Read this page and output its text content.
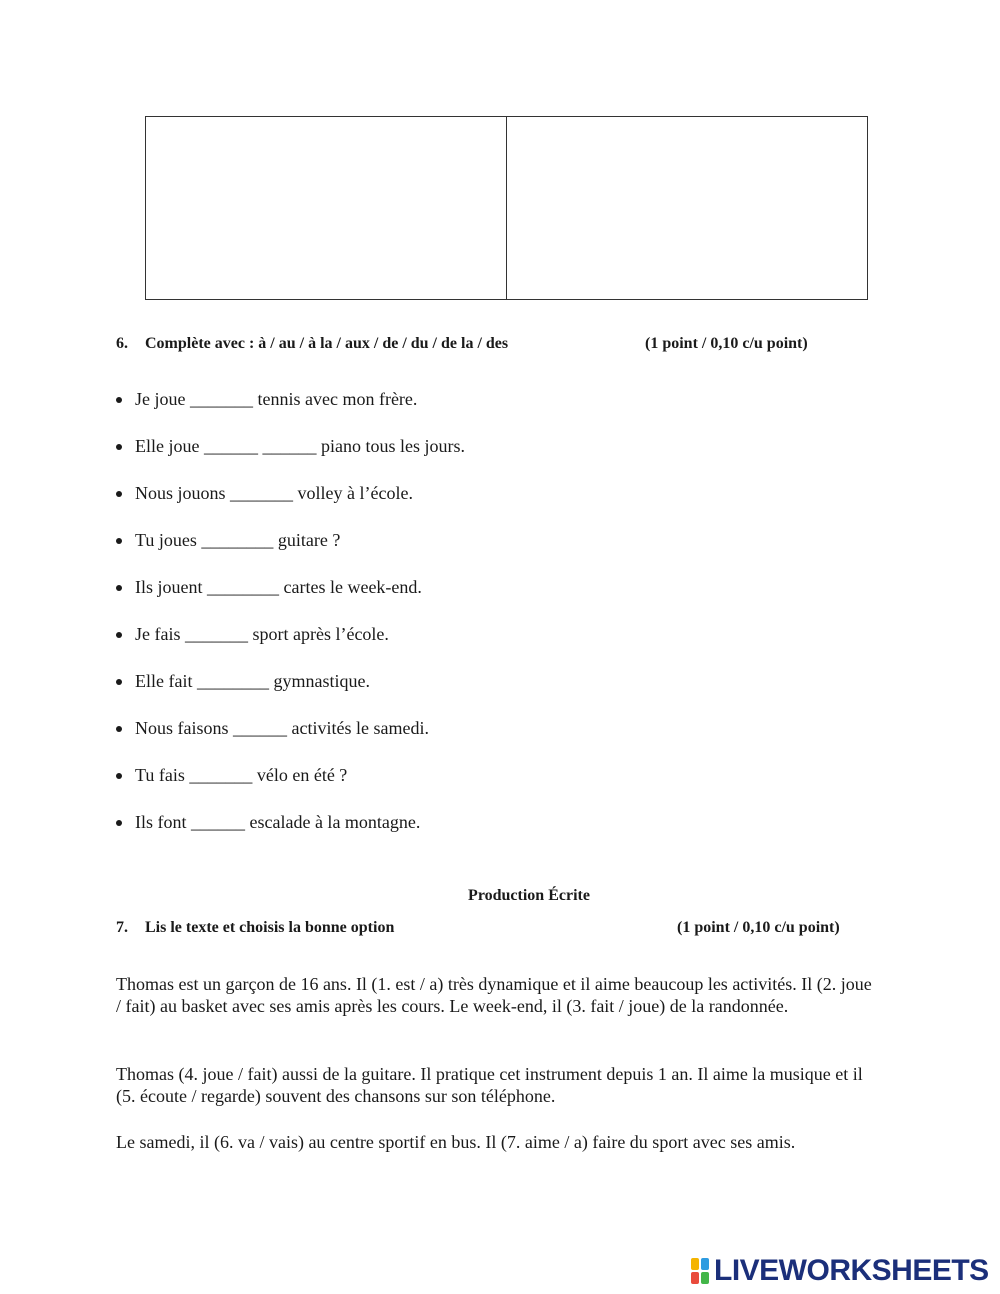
6. Complète avec : à / au / à la / aux / de / du / de la / des	(1 point / 0,10 c/u point)
Je joue _______ tennis avec mon frère.
Elle joue ______ ______ piano tous les jours.
Nous jouons _______ volley à l’école.
Tu joues ________ guitare ?
Ils jouent ________ cartes le week-end.
Je fais _______ sport après l’école.
Elle fait ________ gymnastique.
Nous faisons ______ activités le samedi.
Tu fais _______ vélo en été ?
Ils font ______ escalade à la montagne.
Production Écrite
7. Lis le texte et choisis la bonne option	(1 point / 0,10 c/u point)

Thomas est un garçon de 16 ans. Il (1. est / a) très dynamique et il aime beaucoup les activités. Il (2. joue / fait) au basket avec ses amis après les cours. Le week-end, il (3. fait / joue) de la randonnée.

Thomas (4. joue / fait) aussi de la guitare. Il pratique cet instrument depuis 1 an. Il aime la musique et il (5. écoute / regarde) souvent des chansons sur son téléphone.

Le samedi, il (6. va / vais) au centre sportif en bus. Il (7. aime / a) faire du sport avec ses amis.

LIVEWORKSHEETS
